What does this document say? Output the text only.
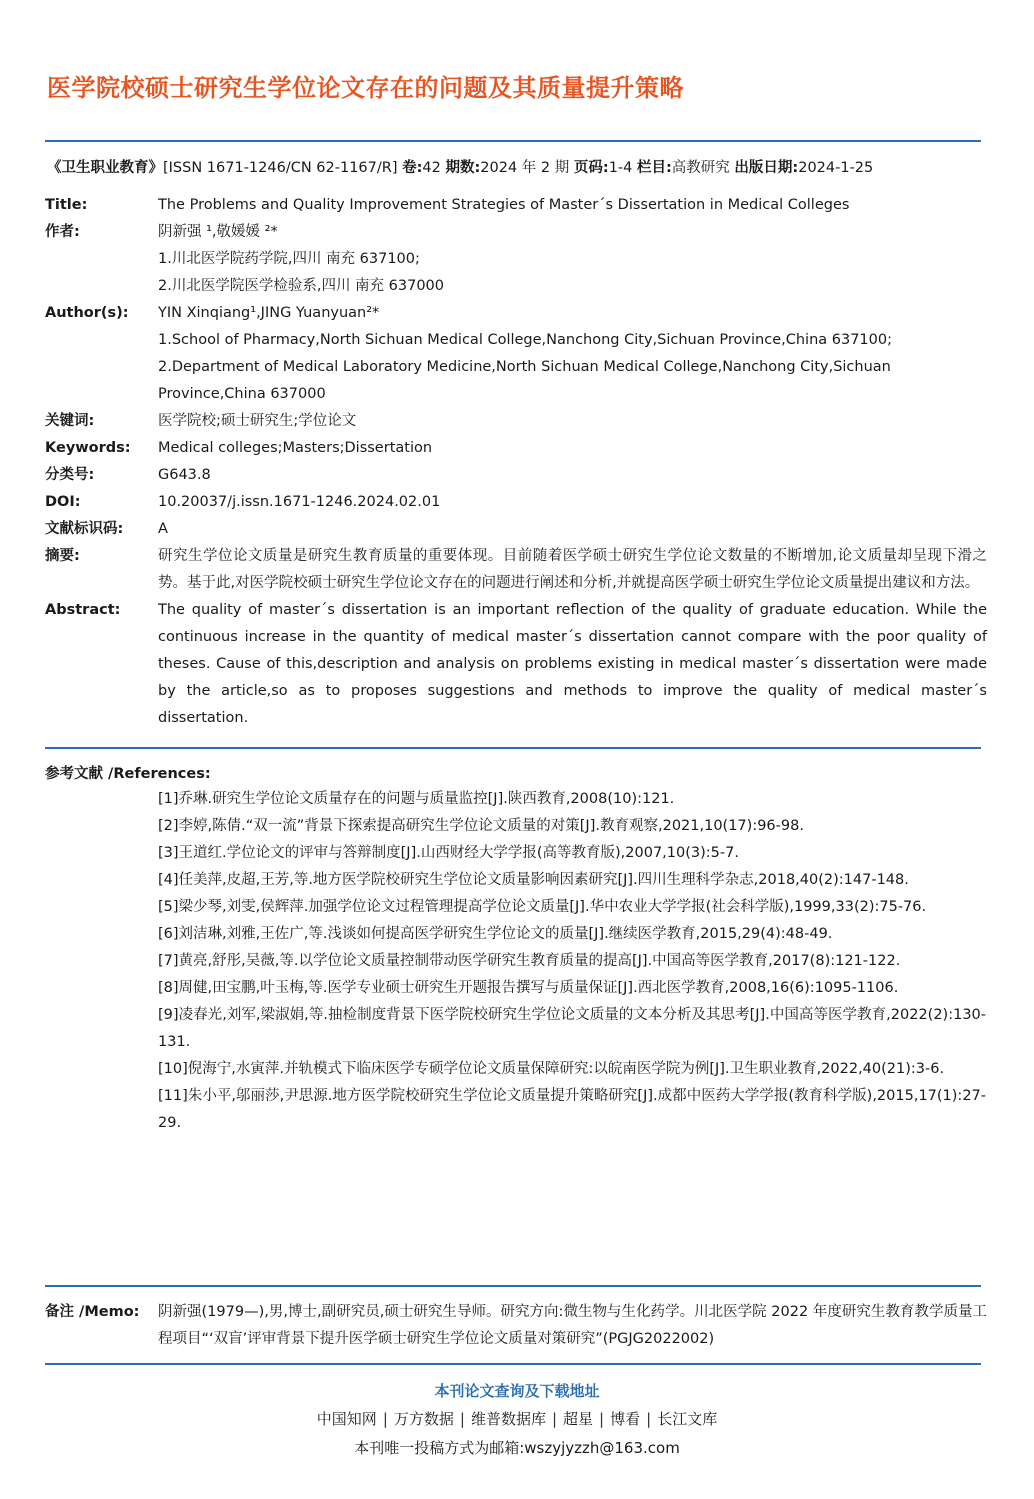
医学院校硕士研究生学位论文存在的问题及其质量提升策略
《卫生职业教育》[ISSN 1671-1246/CN 62-1167/R] 卷:42 期数:2024 年 2 期 页码:1-4 栏目:高教研究 出版日期:2024-1-25
Title:	The Problems and Quality Improvement Strategies of Master´s Dissertation in Medical Colleges
作者:	阴新强 ¹,敬媛媛 ²*

1.川北医学院药学院,四川 南充 637100;

2.川北医学院医学检验系,四川 南充 637000

Author(s):	YIN Xinqiang¹,JING Yuanyuan²*

1.School of Pharmacy,North Sichuan Medical College,Nanchong City,Sichuan Province,China 637100;

2.Department of Medical Laboratory Medicine,North Sichuan Medical College,Nanchong City,Sichuan Province,China 637000

关键词:	医学院校;硕士研究生;学位论文
Keywords:	Medical colleges;Masters;Dissertation
分类号:	G643.8
DOI:	10.20037/j.issn.1671-1246.2024.02.01
文献标识码:	A
摘要:	研究生学位论文质量是研究生教育质量的重要体现。目前随着医学硕士研究生学位论文数量的不断增加,论文质量却呈现下滑之势。基于此,对医学院校硕士研究生学位论文存在的问题进行阐述和分析,并就提高医学硕士研究生学位论文质量提出建议和方法。
Abstract:	The quality of master´s dissertation is an important reflection of the quality of graduate education. While the continuous increase in the quantity of medical master´s dissertation cannot compare with the poor quality of theses. Cause of this,description and analysis on problems existing in medical master´s dissertation were made by the article,so as to proposes suggestions and methods to improve the quality of medical master´s dissertation.
参考文献 /References:

[1]乔琳.研究生学位论文质量存在的问题与质量监控[J].陕西教育,2008(10):121.

[2]李婷,陈倩.“双一流”背景下探索提高研究生学位论文质量的对策[J].教育观察,2021,10(17):96-98.

[3]王道红.学位论文的评审与答辩制度[J].山西财经大学学报(高等教育版),2007,10(3):5-7.

[4]任美萍,皮超,王芳,等.地方医学院校研究生学位论文质量影响因素研究[J].四川生理科学杂志,2018,40(2):147-148.

[5]梁少琴,刘雯,侯辉萍.加强学位论文过程管理提高学位论文质量[J].华中农业大学学报(社会科学版),1999,33(2):75-76.

[6]刘洁琳,刘雅,王佐广,等.浅谈如何提高医学研究生学位论文的质量[J].继续医学教育,2015,29(4):48-49.

[7]黄亮,舒彤,吴薇,等.以学位论文质量控制带动医学研究生教育质量的提高[J].中国高等医学教育,2017(8):121-122.

[8]周健,田宝鹏,叶玉梅,等.医学专业硕士研究生开题报告撰写与质量保证[J].西北医学教育,2008,16(6):1095-1106.

[9]凌春光,刘军,梁淑娟,等.抽检制度背景下医学院校研究生学位论文质量的文本分析及其思考[J].中国高等医学教育,2022(2):130-131.

[10]倪海宁,水寅萍.并轨模式下临床医学专硕学位论文质量保障研究:以皖南医学院为例[J].卫生职业教育,2022,40(21):3-6.

[11]朱小平,邬丽莎,尹思源.地方医学院校研究生学位论文质量提升策略研究[J].成都中医药大学学报(教育科学版),2015,17(1):27-29.

备注 /Memo:	阴新强(1979—),男,博士,副研究员,硕士研究生导师。研究方向:微生物与生化药学。川北医学院 2022 年度研究生教育教学质量工程项目“‘双盲’评审背景下提升医学硕士研究生学位论文质量对策研究”(PGJG2022002)
本刊论文查询及下载地址
中国知网 | 万方数据 | 维普数据库 | 超星 | 博看 | 长江文库
本刊唯一投稿方式为邮箱:wszyjyzzh@163.com
